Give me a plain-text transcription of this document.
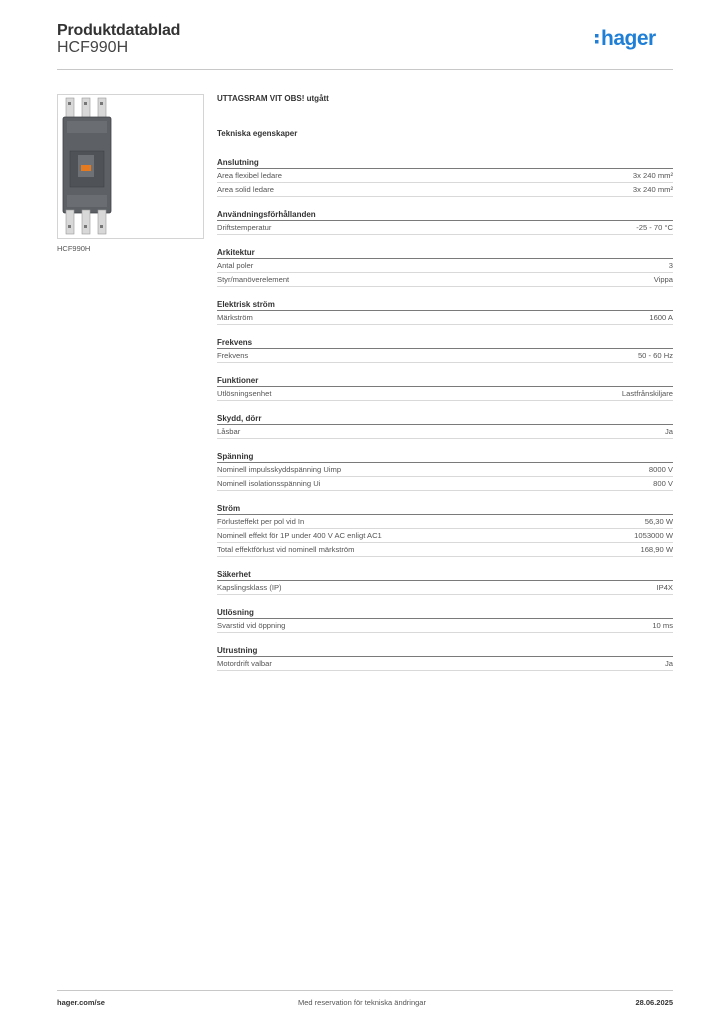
Produktdatablad
HCF990H	hager
HCF990H
UTTAGSRAM VIT OBS! utgått
Tekniska egenskaper
Anslutning
Area flexibel ledare	3x 240 mm²
Area solid ledare	3x 240 mm²
Användningsförhållanden
Driftstemperatur	-25 - 70 °C
Arkitektur
Antal poler	3
Styr/manöverelement	Vippa
Elektrisk ström
Märkström	1600 A
Frekvens
Frekvens	50 - 60 Hz
Funktioner
Utlösningsenhet	Lastfrånskiljare
Skydd, dörr
Låsbar	Ja
Spänning
Nominell impulsskyddspänning Uimp	8000 V
Nominell isolationsspänning Ui	800 V
Ström
Förlusteffekt per pol vid In	56,30 W
Nominell effekt för 1P under 400 V AC enligt AC1	1053000 W
Total effektförlust vid nominell märkström	168,90 W
Säkerhet
Kapslingsklass (IP)	IP4X
Utlösning
Svarstid vid öppning	10 ms
Utrustning
Motordrift valbar	Ja
hager.com/se	Med reservation för tekniska ändringar	28.06.2025
